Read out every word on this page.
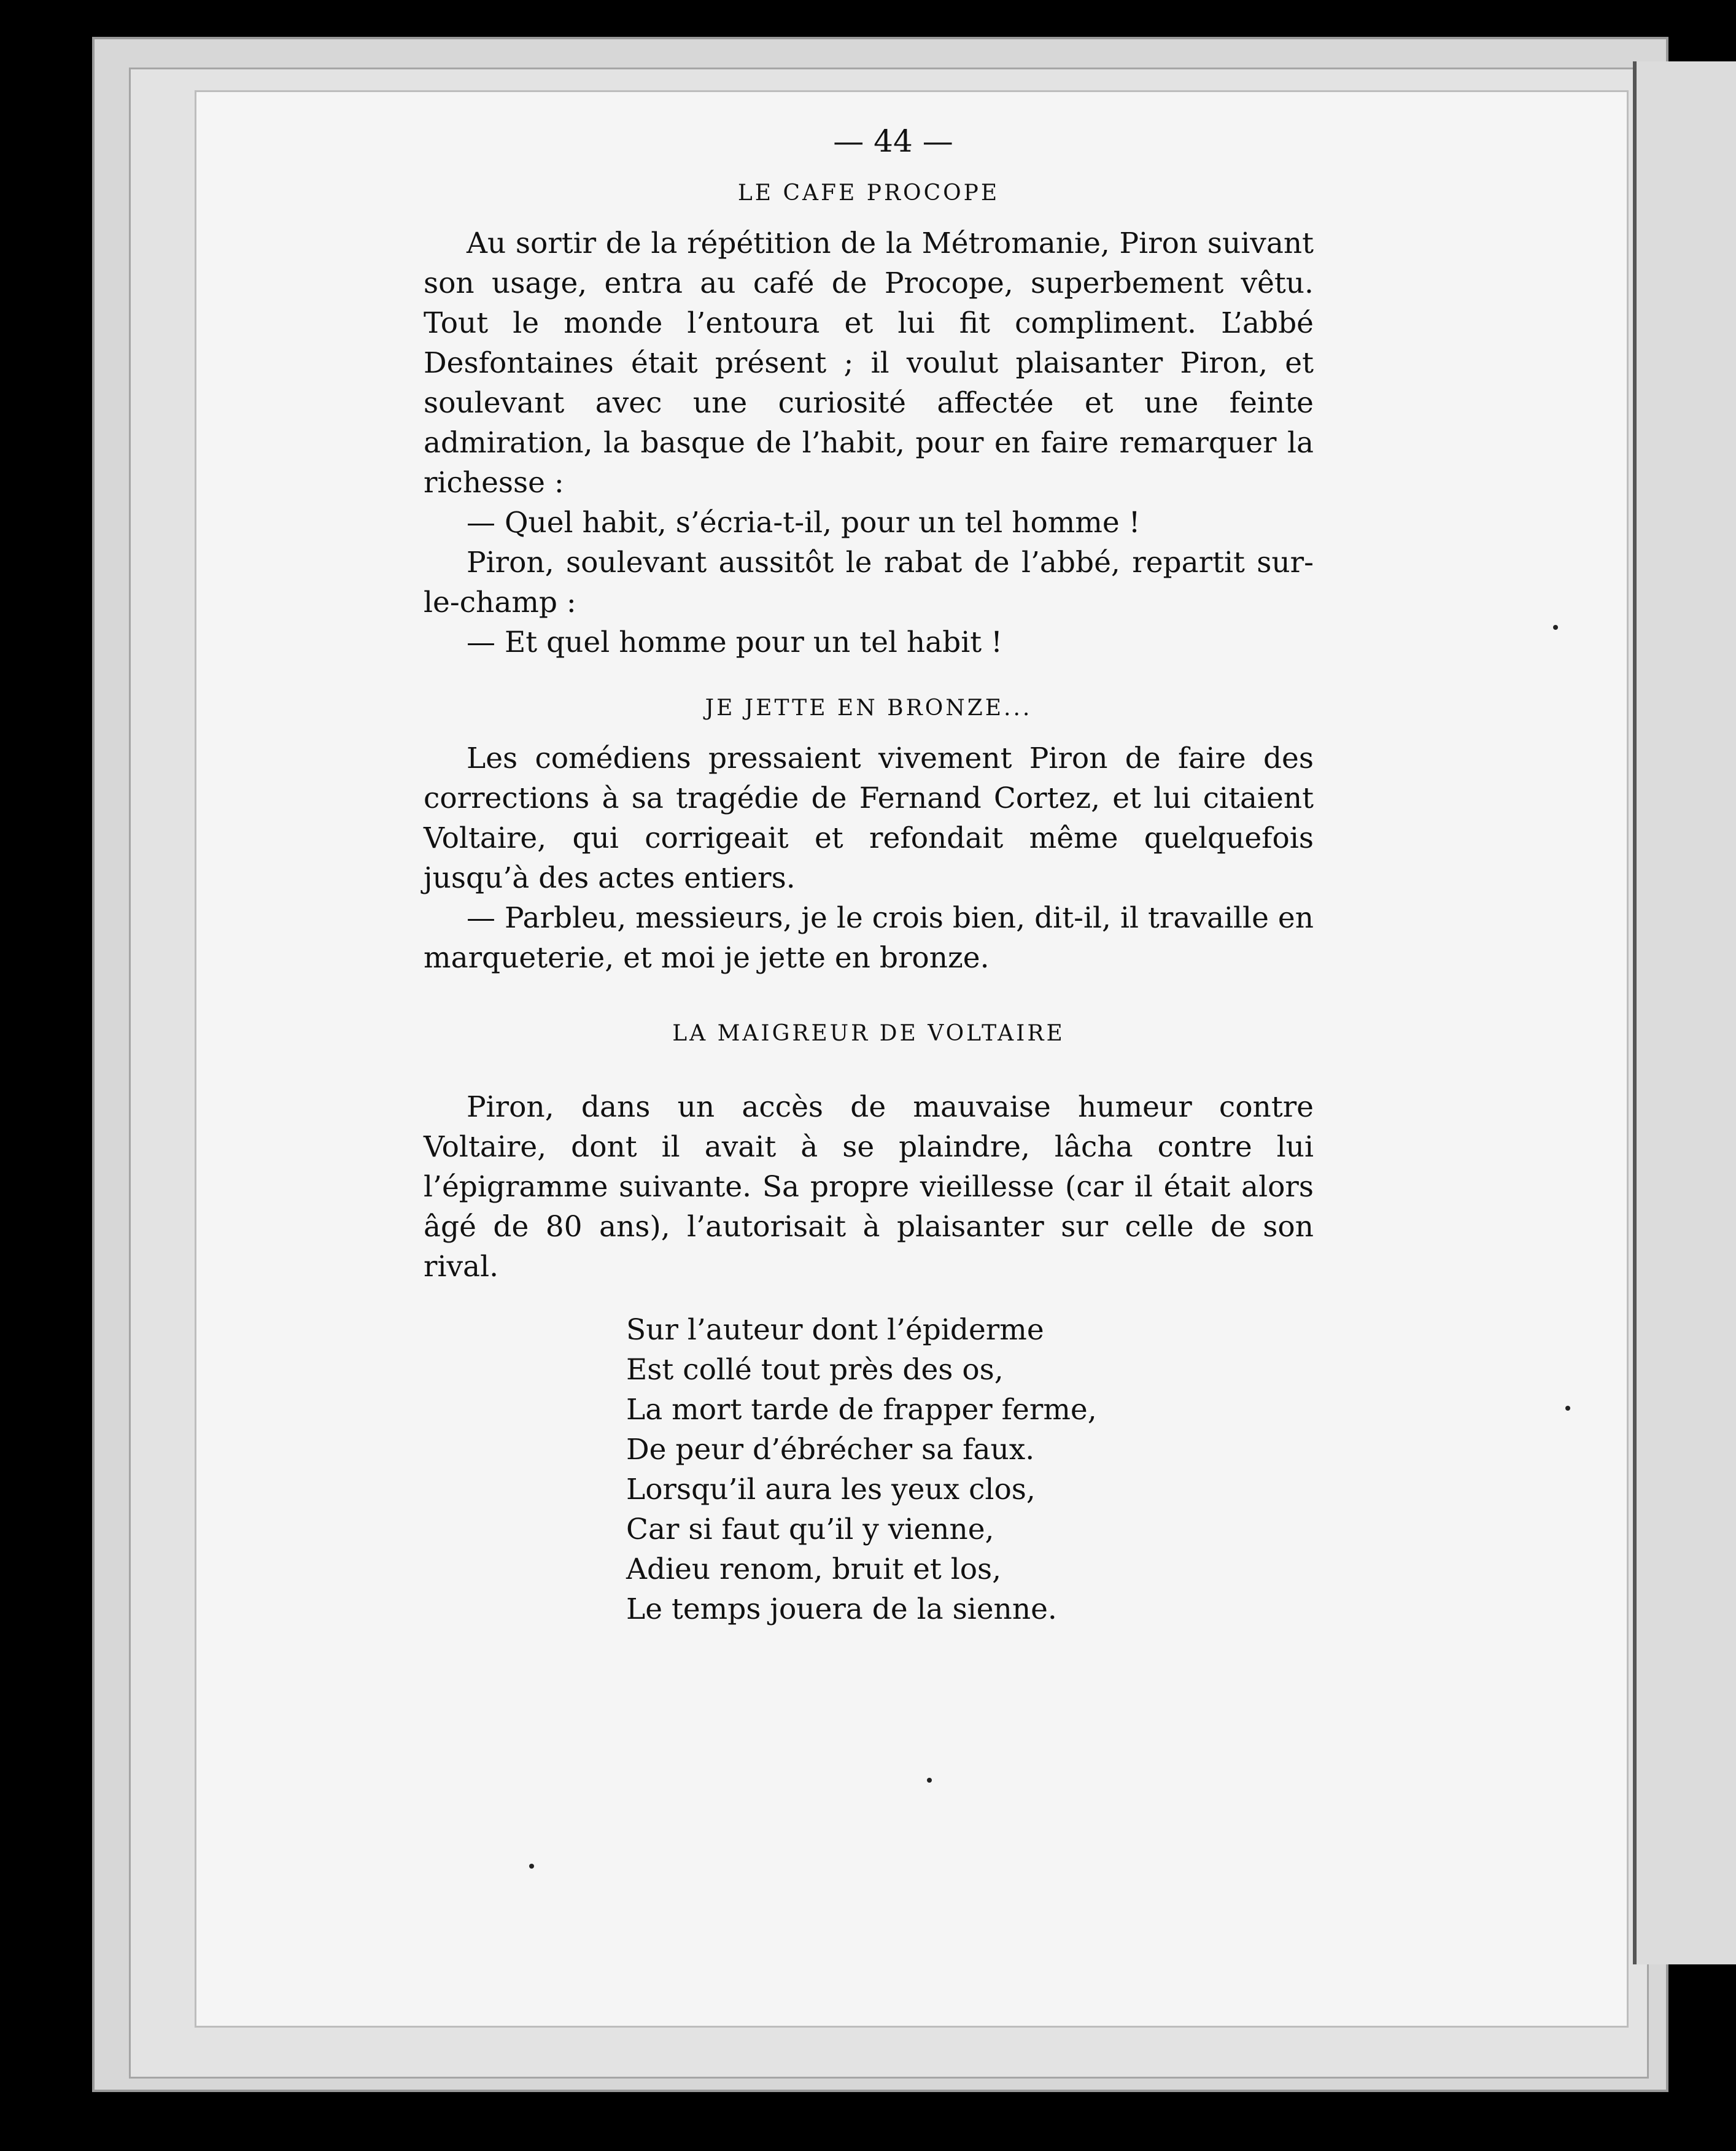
— 44 —
LE CAFE PROCOPE

Au sortir de la répétition de la Métromanie, Piron suivant son usage, entra au café de Procope, superbement vêtu. Tout le monde l’entoura et lui fit compliment. L’abbé Desfontaines était présent ; il voulut plaisanter Piron, et soulevant avec une curiosité affectée et une feinte admiration, la basque de l’habit, pour en faire remarquer la richesse :

— Quel habit, s’écria-t-il, pour un tel homme !

Piron, soulevant aussitôt le rabat de l’abbé, repartit sur-le-champ :

— Et quel homme pour un tel habit !

JE JETTE EN BRONZE...

Les comédiens pressaient vivement Piron de faire des corrections à sa tragédie de Fernand Cortez, et lui citaient Voltaire, qui corrigeait et refondait même quelquefois jusqu’à des actes entiers.

— Parbleu, messieurs, je le crois bien, dit-il, il travaille en marqueterie, et moi je jette en bronze.

LA MAIGREUR DE VOLTAIRE

Piron, dans un accès de mauvaise humeur contre Voltaire, dont il avait à se plaindre, lâcha contre lui l’épigramme suivante. Sa propre vieillesse (car il était alors âgé de 80 ans), l’autorisait à plaisanter sur celle de son rival.

Sur l’auteur dont l’épiderme
Est collé tout près des os,
La mort tarde de frapper ferme,
De peur d’ébrécher sa faux.
Lorsqu’il aura les yeux clos,
Car si faut qu’il y vienne,
Adieu renom, bruit et los,
Le temps jouera de la sienne.
